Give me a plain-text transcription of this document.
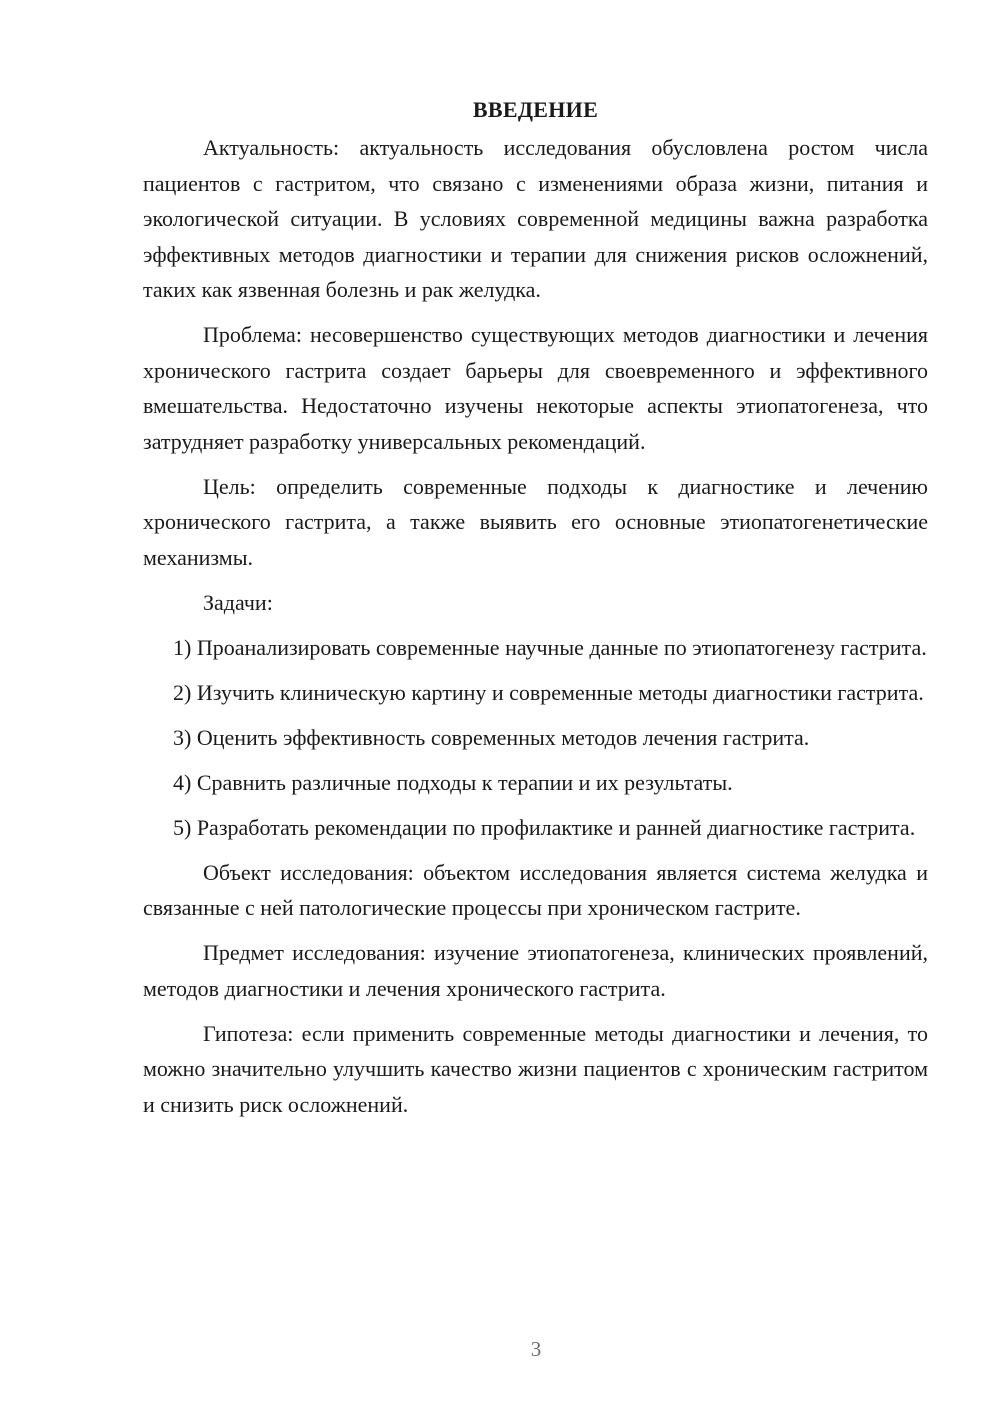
ВВЕДЕНИЕ

Актуальность: актуальность исследования обусловлена ростом числа пациентов с гастритом, что связано с изменениями образа жизни, питания и экологической ситуации. В условиях современной медицины важна разработка эффективных методов диагностики и терапии для снижения рисков осложнений, таких как язвенная болезнь и рак желудка.

Проблема: несовершенство существующих методов диагностики и лечения хронического гастрита создает барьеры для своевременного и эффективного вмешательства. Недостаточно изучены некоторые аспекты этиопатогенеза, что затрудняет разработку универсальных рекомендаций.

Цель: определить современные подходы к диагностике и лечению хронического гастрита, а также выявить его основные этиопатогенетические механизмы.

Задачи:

1) Проанализировать современные научные данные по этиопатогенезу гастрита.

2) Изучить клиническую картину и современные методы диагностики гастрита.

3) Оценить эффективность современных методов лечения гастрита.

4) Сравнить различные подходы к терапии и их результаты.

5) Разработать рекомендации по профилактике и ранней диагностике гастрита.

Объект исследования: объектом исследования является система желудка и связанные с ней патологические процессы при хроническом гастрите.

Предмет исследования: изучение этиопатогенеза, клинических проявлений, методов диагностики и лечения хронического гастрита.

Гипотеза: если применить современные методы диагностики и лечения, то можно значительно улучшить качество жизни пациентов с хроническим гастритом и снизить риск осложнений.

3
